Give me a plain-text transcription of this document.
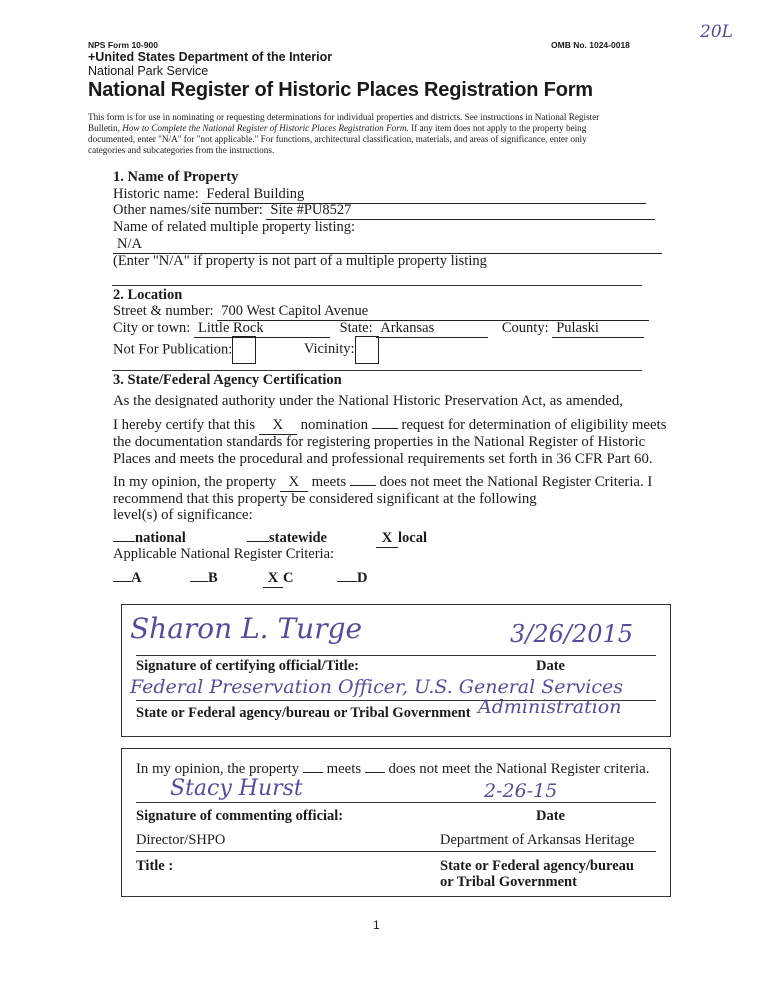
20L
NPS Form 10-900	OMB No. 1024-0018
+United States Department of the Interior
National Park Service
National Register of Historic Places Registration Form
This form is for use in nominating or requesting determinations for individual properties and districts. See instructions in National Register
Bulletin, How to Complete the National Register of Historic Places Registration Form. If any item does not apply to the property being
documented, enter "N/A" for "not applicable." For functions, architectural classification, materials, and areas of significance, enter only
categories and subcategories from the instructions.
1. Name of Property
Historic name: Federal Building
Other names/site number: Site #PU8527
Name of related multiple property listing:
N/A
(Enter "N/A" if property is not part of a multiple property listing
2. Location
Street & number: 700 West Capitol Avenue
City or town: Little Rock	State: Arkansas	County: Pulaski
Not For Publication:	Vicinity:
3. State/Federal Agency Certification
As the designated authority under the National Historic Preservation Act, as amended,
I hereby certify that this X nomination request for determination of eligibility meets
the documentation standards for registering properties in the National Register of Historic
Places and meets the procedural and professional requirements set forth in 36 CFR Part 60.
In my opinion, the property X meets does not meet the National Register Criteria. I
recommend that this property be considered significant at the following
level(s) of significance:
national	statewide	X local
Applicable National Register Criteria:
A	B	X C	D
Sharon L. Turge	3/26/2015
Signature of certifying official/Title:	Date
Federal Preservation Officer, U.S. General Services
State or Federal agency/bureau or Tribal Government Administration
In my opinion, the property meets does not meet the National Register criteria.
Stacy Hurst	2-26-15
Signature of commenting official:	Date
Director/SHPO	Department of Arkansas Heritage
Title :	State or Federal agency/bureau
or Tribal Government
1
